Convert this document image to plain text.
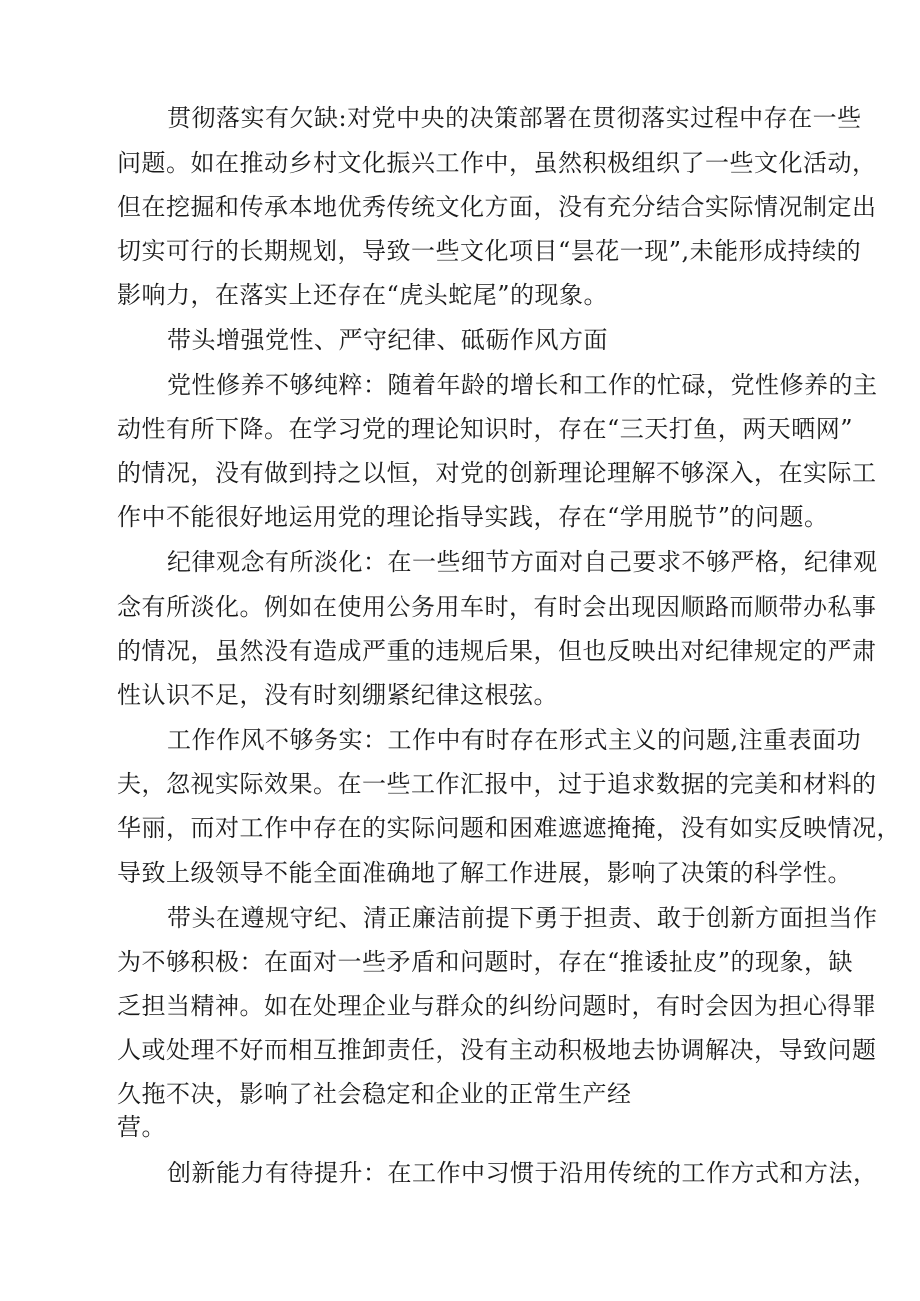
贯彻落实有欠缺:对党中央的决策部署在贯彻落实过程中存在一些

问题。如在推动乡村文化振兴工作中，虽然积极组织了一些文化活动，

但在挖掘和传承本地优秀传统文化方面，没有充分结合实际情况制定出

切实可行的长期规划，导致一些文化项目“昙花一现”,未能形成持续的

影响力，在落实上还存在“虎头蛇尾”的现象。

带头增强党性、严守纪律、砥砺作风方面

党性修养不够纯粹：随着年龄的增长和工作的忙碌，党性修养的主

动性有所下降。在学习党的理论知识时，存在“三天打鱼，两天晒网”

的情况，没有做到持之以恒，对党的创新理论理解不够深入，在实际工

作中不能很好地运用党的理论指导实践，存在“学用脱节”的问题。

纪律观念有所淡化：在一些细节方面对自己要求不够严格，纪律观

念有所淡化。例如在使用公务用车时，有时会出现因顺路而顺带办私事

的情况，虽然没有造成严重的违规后果，但也反映出对纪律规定的严肃

性认识不足，没有时刻绷紧纪律这根弦。

工作作风不够务实：工作中有时存在形式主义的问题,注重表面功

夫，忽视实际效果。在一些工作汇报中，过于追求数据的完美和材料的

华丽，而对工作中存在的实际问题和困难遮遮掩掩，没有如实反映情况，

导致上级领导不能全面准确地了解工作进展，影响了决策的科学性。

带头在遵规守纪、清正廉洁前提下勇于担责、敢于创新方面担当作

为不够积极：在面对一些矛盾和问题时，存在“推诿扯皮”的现象，缺

乏担当精神。如在处理企业与群众的纠纷问题时，有时会因为担心得罪

人或处理不好而相互推卸责任，没有主动积极地去协调解决，导致问题

久拖不决，影响了社会稳定和企业的正常生产经

营。

创新能力有待提升：在工作中习惯于沿用传统的工作方式和方法，
